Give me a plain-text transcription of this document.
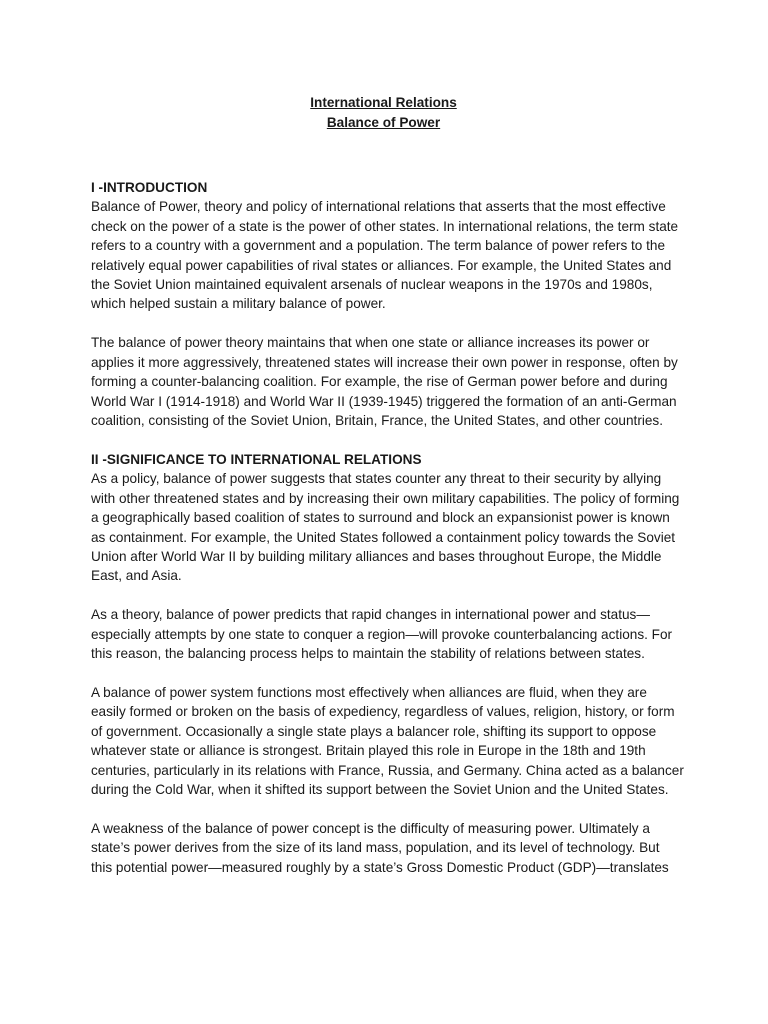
International Relations
Balance of Power
I -INTRODUCTION

Balance of Power, theory and policy of international relations that asserts that the most effective check on the power of a state is the power of other states. In international relations, the term state refers to a country with a government and a population. The term balance of power refers to the relatively equal power capabilities of rival states or alliances. For example, the United States and the Soviet Union maintained equivalent arsenals of nuclear weapons in the 1970s and 1980s, which helped sustain a military balance of power.

The balance of power theory maintains that when one state or alliance increases its power or applies it more aggressively, threatened states will increase their own power in response, often by forming a counter-balancing coalition. For example, the rise of German power before and during World War I (1914-1918) and World War II (1939-1945) triggered the formation of an anti-German coalition, consisting of the Soviet Union, Britain, France, the United States, and other countries.

II -SIGNIFICANCE TO INTERNATIONAL RELATIONS

As a policy, balance of power suggests that states counter any threat to their security by allying with other threatened states and by increasing their own military capabilities. The policy of forming a geographically based coalition of states to surround and block an expansionist power is known as containment. For example, the United States followed a containment policy towards the Soviet Union after World War II by building military alliances and bases throughout Europe, the Middle East, and Asia.

As a theory, balance of power predicts that rapid changes in international power and status—especially attempts by one state to conquer a region—will provoke counterbalancing actions. For this reason, the balancing process helps to maintain the stability of relations between states.

A balance of power system functions most effectively when alliances are fluid, when they are easily formed or broken on the basis of expediency, regardless of values, religion, history, or form of government. Occasionally a single state plays a balancer role, shifting its support to oppose whatever state or alliance is strongest. Britain played this role in Europe in the 18th and 19th centuries, particularly in its relations with France, Russia, and Germany. China acted as a balancer during the Cold War, when it shifted its support between the Soviet Union and the United States.

A weakness of the balance of power concept is the difficulty of measuring power. Ultimately a state’s power derives from the size of its land mass, population, and its level of technology. But this potential power—measured roughly by a state’s Gross Domestic Product (GDP)—translates
